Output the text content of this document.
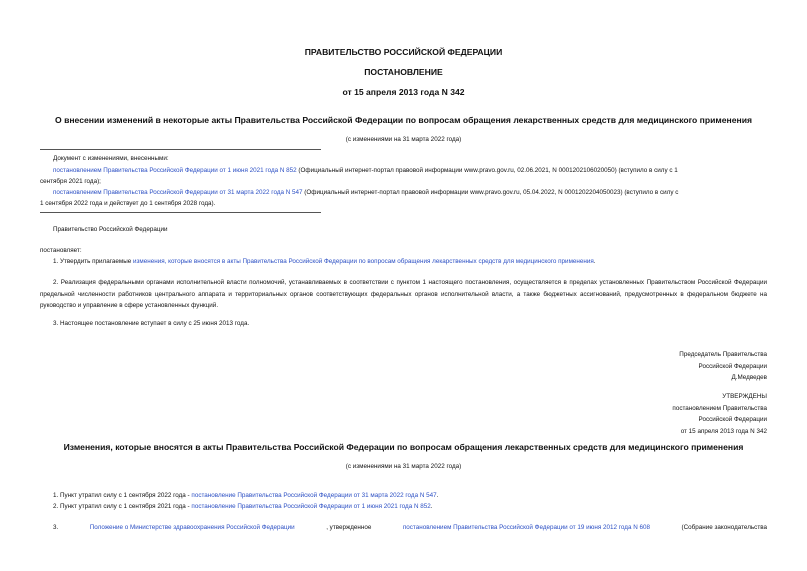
ПРАВИТЕЛЬСТВО РОССИЙСКОЙ ФЕДЕРАЦИИ
ПОСТАНОВЛЕНИЕ
от 15 апреля 2013 года N 342
О внесении изменений в некоторые акты Правительства Российской Федерации по вопросам обращения лекарственных средств для медицинского применения
(с изменениями на 31 марта 2022 года)
Документ с изменениями, внесенными:
постановлением Правительства Российской Федерации от 1 июня 2021 года N 852 (Официальный интернет-портал правовой информации www.pravo.gov.ru, 02.06.2021, N 0001202106020050) (вступило в силу с 1
сентября 2021 года);
постановлением Правительства Российской Федерации от 31 марта 2022 года N 547 (Официальный интернет-портал правовой информации www.pravo.gov.ru, 05.04.2022, N 0001202204050023) (вступило в силу с
1 сентября 2022 года и действует до 1 сентября 2028 года).
Правительство Российской Федерации
постановляет:
1. Утвердить прилагаемые изменения, которые вносятся в акты Правительства Российской Федерации по вопросам обращения лекарственных средств для медицинского применения.
2. Реализация федеральными органами исполнительной власти полномочий, устанавливаемых в соответствии с пунктом 1 настоящего постановления, осуществляется в пределах установленных Правительством Российской Федерации предельной численности работников центрального аппарата и территориальных органов соответствующих федеральных органов исполнительной власти, а также бюджетных ассигнований, предусмотренных в федеральном бюджете на руководство и управление в сфере установленных функций.
3. Настоящее постановление вступает в силу с 25 июня 2013 года.
Председатель Правительства
Российской Федерации
Д.Медведев
УТВЕРЖДЕНЫ
постановлением Правительства
Российской Федерации
от 15 апреля 2013 года N 342
Изменения, которые вносятся в акты Правительства Российской Федерации по вопросам обращения лекарственных средств для медицинского применения
(с изменениями на 31 марта 2022 года)
1. Пункт утратил силу с 1 сентября 2022 года - постановление Правительства Российской Федерации от 31 марта 2022 года N 547.
2. Пункт утратил силу с 1 сентября 2021 года - постановление Правительства Российской Федерации от 1 июня 2021 года N 852.
3.	Положение о Министерстве здравоохранения Российской Федерации	, утвержденное	постановлением Правительства Российской Федерации от 19 июня 2012 года N 608	(Собрание законодательства
